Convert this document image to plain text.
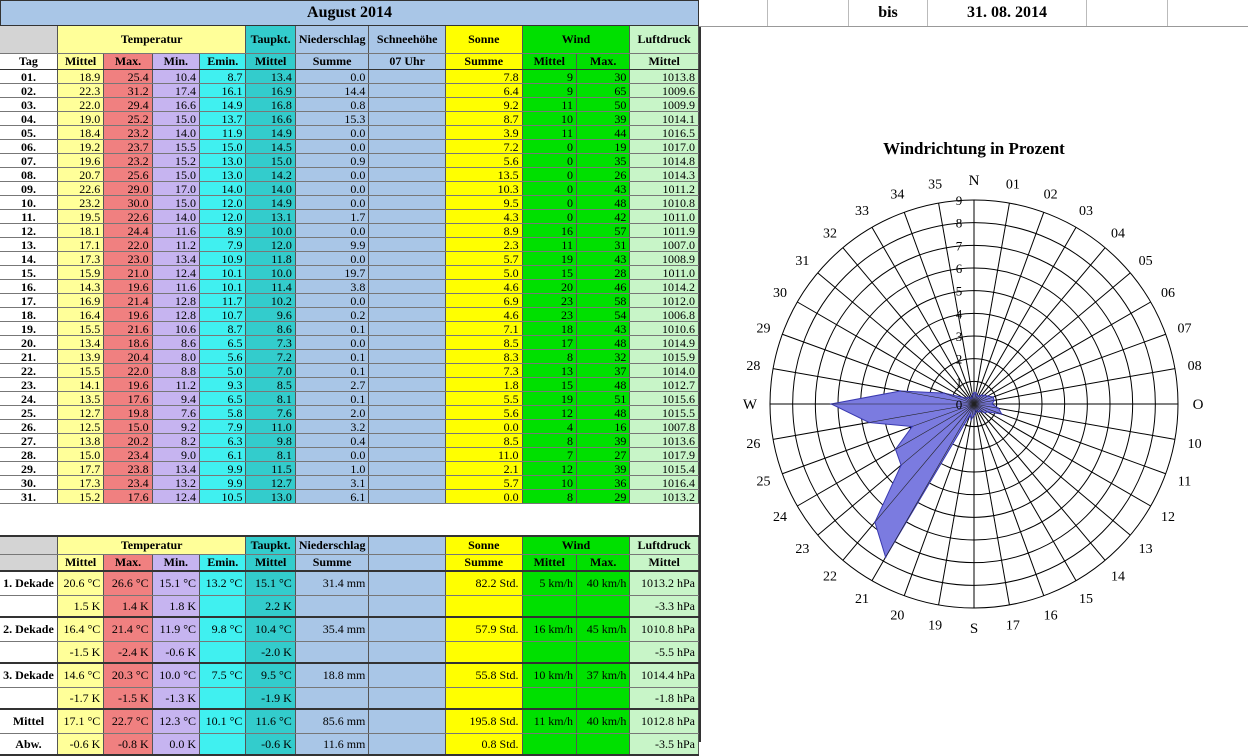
August 2014
	Temperatur				Taupkt.	Niederschlag	Schneehöhe	Sonne	Wind		Luftdruck
Tag	Mittel	Max.	Min.	Emin.	Mittel	Summe	07 Uhr	Summe	Mittel	Max.	Mittel
01.	18.9	25.4	10.4	8.7	13.4	0.0		7.8	9	30	1013.8
02.	22.3	31.2	17.4	16.1	16.9	14.4		6.4	9	65	1009.6
03.	22.0	29.4	16.6	14.9	16.8	0.8		9.2	11	50	1009.9
04.	19.0	25.2	15.0	13.7	16.6	15.3		8.7	10	39	1014.1
05.	18.4	23.2	14.0	11.9	14.9	0.0		3.9	11	44	1016.5
06.	19.2	23.7	15.5	15.0	14.5	0.0		7.2	0	19	1017.0
07.	19.6	23.2	15.2	13.0	15.0	0.9		5.6	0	35	1014.8
08.	20.7	25.6	15.0	13.0	14.2	0.0		13.5	0	26	1014.3
09.	22.6	29.0	17.0	14.0	14.0	0.0		10.3	0	43	1011.2
10.	23.2	30.0	15.0	12.0	14.9	0.0		9.5	0	48	1010.8
11.	19.5	22.6	14.0	12.0	13.1	1.7		4.3	0	42	1011.0
12.	18.1	24.4	11.6	8.9	10.0	0.0		8.9	16	57	1011.9
13.	17.1	22.0	11.2	7.9	12.0	9.9		2.3	11	31	1007.0
14.	17.3	23.0	13.4	10.9	11.8	0.0		5.7	19	43	1008.9
15.	15.9	21.0	12.4	10.1	10.0	19.7		5.0	15	28	1011.0
16.	14.3	19.6	11.6	10.1	11.4	3.8		4.6	20	46	1014.2
17.	16.9	21.4	12.8	11.7	10.2	0.0		6.9	23	58	1012.0
18.	16.4	19.6	12.8	10.7	9.6	0.2		4.6	23	54	1006.8
19.	15.5	21.6	10.6	8.7	8.6	0.1		7.1	18	43	1010.6
20.	13.4	18.6	8.6	6.5	7.3	0.0		8.5	17	48	1014.9
21.	13.9	20.4	8.0	5.6	7.2	0.1		8.3	8	32	1015.9
22.	15.5	22.0	8.8	5.0	7.0	0.1		7.3	13	37	1014.0
23.	14.1	19.6	11.2	9.3	8.5	2.7		1.8	15	48	1012.7
24.	13.5	17.6	9.4	6.5	8.1	0.1		5.5	19	51	1015.6
25.	12.7	19.8	7.6	5.8	7.6	2.0		5.6	12	48	1015.5
26.	12.5	15.0	9.2	7.9	11.0	3.2		0.0	4	16	1007.8
27.	13.8	20.2	8.2	6.3	9.8	0.4		8.5	8	39	1013.6
28.	15.0	23.4	9.0	6.1	8.1	0.0		11.0	7	27	1017.9
29.	17.7	23.8	13.4	9.9	11.5	1.0		2.1	12	39	1015.4
30.	17.3	23.4	13.2	9.9	12.7	3.1		5.7	10	36	1016.4
31.	15.2	17.6	12.4	10.5	13.0	6.1		0.0	8	29	1013.2
	Temperatur				Taupkt.	Niederschlag		Sonne	Wind		Luftdruck
	Mittel	Max.	Min.	Emin.	Mittel	Summe		Summe	Mittel	Max.	Mittel
1. Dekade	20.6 °C	26.6 °C	15.1 °C	13.2 °C	15.1 °C	31.4 mm		82.2 Std.	5 km/h	40 km/h	1013.2 hPa
	1.5 K	1.4 K	1.8 K		2.2 K						-3.3 hPa
2. Dekade	16.4 °C	21.4 °C	11.9 °C	9.8 °C	10.4 °C	35.4 mm		57.9 Std.	16 km/h	45 km/h	1010.8 hPa
	-1.5 K	-2.4 K	-0.6 K		-2.0 K						-5.5 hPa
3. Dekade	14.6 °C	20.3 °C	10.0 °C	7.5 °C	9.5 °C	18.8 mm		55.8 Std.	10 km/h	37 km/h	1014.4 hPa
	-1.7 K	-1.5 K	-1.3 K		-1.9 K						-1.8 hPa
Mittel	17.1 °C	22.7 °C	12.3 °C	10.1 °C	11.6 °C	85.6 mm		195.8 Std.	11 km/h	40 km/h	1012.8 hPa
Abw.	-0.6 K	-0.8 K	0.0 K		-0.6 K	11.6 mm		0.8 Std.			-3.5 hPa
bis	31. 08. 2014
Windrichtung in Prozent
0
1
2
3
4
5
6
7
8
9
01
02
03
04
05
06
07
08
10
11
12
13
14
15
16
17
19
20
21
22
23
24
25
26
28
29
30
31
32
33
34
35 N
O
S
W
